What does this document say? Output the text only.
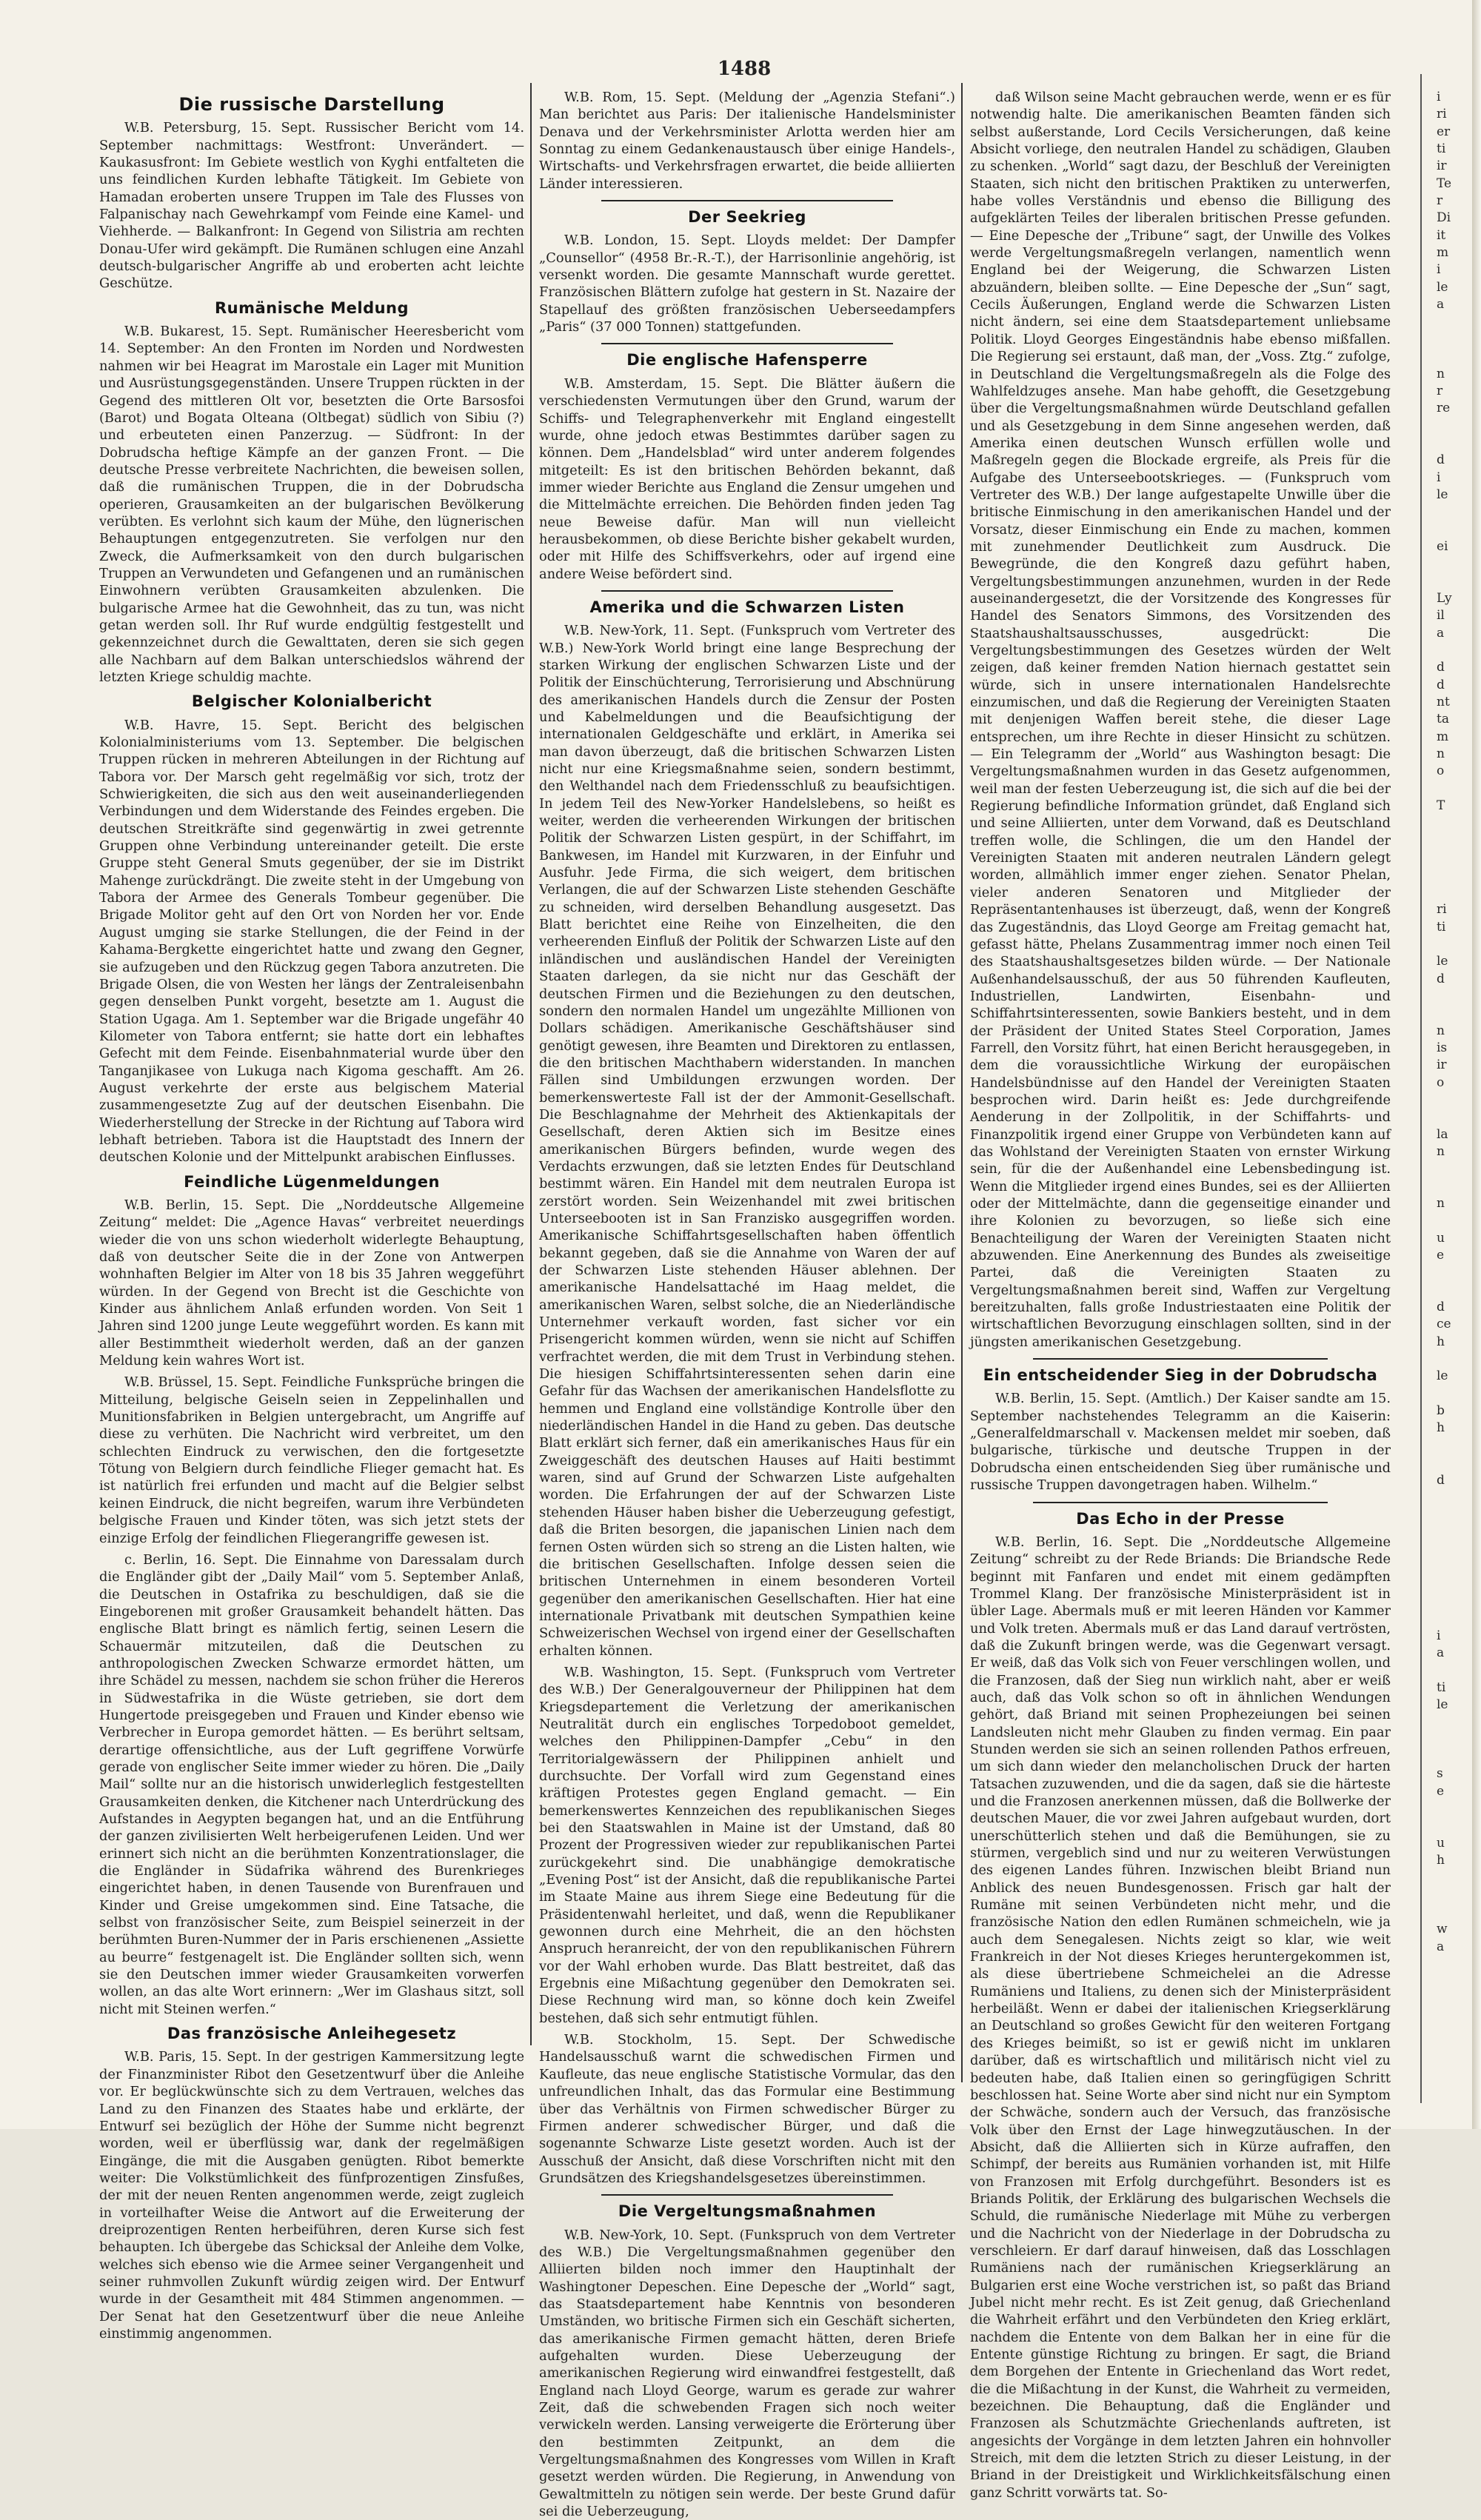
1488
Die russische Darstellung

W.B. Petersburg, 15. Sept. Russischer Bericht vom 14. September nachmittags: Westfront: Unverändert. — Kaukasusfront: Im Gebiete westlich von Kyghi entfalteten die uns feindlichen Kurden lebhafte Tätigkeit. Im Gebiete von Hamadan eroberten unsere Truppen im Tale des Flusses von Falpanischay nach Gewehrkampf vom Feinde eine Kamel- und Viehherde. — Balkanfront: In Gegend von Silistria am rechten Donau-Ufer wird gekämpft. Die Rumänen schlugen eine Anzahl deutsch-bulgarischer Angriffe ab und eroberten acht leichte Geschütze.

Rumänische Meldung

W.B. Bukarest, 15. Sept. Rumänischer Heeresbericht vom 14. September: An den Fronten im Norden und Nordwesten nahmen wir bei Heagrat im Marostale ein Lager mit Munition und Ausrüstungsgegenständen. Unsere Truppen rückten in der Gegend des mittleren Olt vor, besetzten die Orte Barsosfoi (Barot) und Bogata Olteana (Oltbegat) südlich von Sibiu (?) und erbeuteten einen Panzerzug. — Südfront: In der Dobrudscha heftige Kämpfe an der ganzen Front. — Die deutsche Presse verbreitete Nachrichten, die beweisen sollen, daß die rumänischen Truppen, die in der Dobrudscha operieren, Grausamkeiten an der bulgarischen Bevölkerung verübten. Es verlohnt sich kaum der Mühe, den lügnerischen Behauptungen entgegenzutreten. Sie verfolgen nur den Zweck, die Aufmerksamkeit von den durch bulgarischen Truppen an Verwundeten und Gefangenen und an rumänischen Einwohnern verübten Grausamkeiten abzulenken. Die bulgarische Armee hat die Gewohnheit, das zu tun, was nicht getan werden soll. Ihr Ruf wurde endgültig festgestellt und gekennzeichnet durch die Gewalttaten, deren sie sich gegen alle Nachbarn auf dem Balkan unterschiedslos während der letzten Kriege schuldig machte.

Belgischer Kolonialbericht

W.B. Havre, 15. Sept. Bericht des belgischen Kolonialministeriums vom 13. September. Die belgischen Truppen rücken in mehreren Abteilungen in der Richtung auf Tabora vor. Der Marsch geht regelmäßig vor sich, trotz der Schwierigkeiten, die sich aus den weit auseinanderliegenden Verbindungen und dem Widerstande des Feindes ergeben. Die deutschen Streitkräfte sind gegenwärtig in zwei getrennte Gruppen ohne Verbindung untereinander geteilt. Die erste Gruppe steht General Smuts gegenüber, der sie im Distrikt Mahenge zurückdrängt. Die zweite steht in der Umgebung von Tabora der Armee des Generals Tombeur gegenüber. Die Brigade Molitor geht auf den Ort von Norden her vor. Ende August umging sie starke Stellungen, die der Feind in der Kahama-Bergkette eingerichtet hatte und zwang den Gegner, sie aufzugeben und den Rückzug gegen Tabora anzutreten. Die Brigade Olsen, die von Westen her längs der Zentraleisenbahn gegen denselben Punkt vorgeht, besetzte am 1. August die Station Ugaga. Am 1. September war die Brigade ungefähr 40 Kilometer von Tabora entfernt; sie hatte dort ein lebhaftes Gefecht mit dem Feinde. Eisenbahnmaterial wurde über den Tanganjikasee von Lukuga nach Kigoma geschafft. Am 26. August verkehrte der erste aus belgischem Material zusammengesetzte Zug auf der deutschen Eisenbahn. Die Wiederherstellung der Strecke in der Richtung auf Tabora wird lebhaft betrieben. Tabora ist die Hauptstadt des Innern der deutschen Kolonie und der Mittelpunkt arabischen Einflusses.

Feindliche Lügenmeldungen

W.B. Berlin, 15. Sept. Die „Norddeutsche Allgemeine Zeitung“ meldet: Die „Agence Havas“ verbreitet neuerdings wieder die von uns schon wiederholt widerlegte Behauptung, daß von deutscher Seite die in der Zone von Antwerpen wohnhaften Belgier im Alter von 18 bis 35 Jahren weggeführt würden. In der Gegend von Brecht ist die Geschichte von Kinder aus ähnlichem Anlaß erfunden worden. Von Seit 1 Jahren sind 1200 junge Leute weggeführt worden. Es kann mit aller Bestimmtheit wiederholt werden, daß an der ganzen Meldung kein wahres Wort ist.

W.B. Brüssel, 15. Sept. Feindliche Funksprüche bringen die Mitteilung, belgische Geiseln seien in Zeppelinhallen und Munitionsfabriken in Belgien untergebracht, um Angriffe auf diese zu verhüten. Die Nachricht wird verbreitet, um den schlechten Eindruck zu verwischen, den die fortgesetzte Tötung von Belgiern durch feindliche Flieger gemacht hat. Es ist natürlich frei erfunden und macht auf die Belgier selbst keinen Eindruck, die nicht begreifen, warum ihre Verbündeten belgische Frauen und Kinder töten, was sich jetzt stets der einzige Erfolg der feindlichen Fliegerangriffe gewesen ist.

c. Berlin, 16. Sept. Die Einnahme von Daressalam durch die Engländer gibt der „Daily Mail“ vom 5. September Anlaß, die Deutschen in Ostafrika zu beschuldigen, daß sie die Eingeborenen mit großer Grausamkeit behandelt hätten. Das englische Blatt bringt es nämlich fertig, seinen Lesern die Schauermär mitzuteilen, daß die Deutschen zu anthropologischen Zwecken Schwarze ermordet hätten, um ihre Schädel zu messen, nachdem sie schon früher die Hereros in Südwestafrika in die Wüste getrieben, sie dort dem Hungertode preisgegeben und Frauen und Kinder ebenso wie Verbrecher in Europa gemordet hätten. — Es berührt seltsam, derartige offensichtliche, aus der Luft gegriffene Vorwürfe gerade von englischer Seite immer wieder zu hören. Die „Daily Mail“ sollte nur an die historisch unwiderleglich festgestellten Grausamkeiten denken, die Kitchener nach Unterdrückung des Aufstandes in Aegypten begangen hat, und an die Entführung der ganzen zivilisierten Welt herbeigerufenen Leiden. Und wer erinnert sich nicht an die berühmten Konzentrationslager, die die Engländer in Südafrika während des Burenkrieges eingerichtet haben, in denen Tausende von Burenfrauen und Kinder und Greise umgekommen sind. Eine Tatsache, die selbst von französischer Seite, zum Beispiel seinerzeit in der berühmten Buren-Nummer der in Paris erschienenen „Assiette au beurre“ festgenagelt ist. Die Engländer sollten sich, wenn sie den Deutschen immer wieder Grausamkeiten vorwerfen wollen, an das alte Wort erinnern: „Wer im Glashaus sitzt, soll nicht mit Steinen werfen.“

Das französische Anleihegesetz

W.B. Paris, 15. Sept. In der gestrigen Kammersitzung legte der Finanzminister Ribot den Gesetzentwurf über die Anleihe vor. Er beglückwünschte sich zu dem Vertrauen, welches das Land zu den Finanzen des Staates habe und erklärte, der Entwurf sei bezüglich der Höhe der Summe nicht begrenzt worden, weil er überflüssig war, dank der regelmäßigen Eingänge, die mit die Ausgaben genügten. Ribot bemerkte weiter: Die Volkstümlichkeit des fünfprozentigen Zinsfußes, der mit der neuen Renten angenommen werde, zeigt zugleich in vorteilhafter Weise die Antwort auf die Erweiterung der dreiprozentigen Renten herbeiführen, deren Kurse sich fest behaupten. Ich übergebe das Schicksal der Anleihe dem Volke, welches sich ebenso wie die Armee seiner Vergangenheit und seiner ruhmvollen Zukunft würdig zeigen wird. Der Entwurf wurde in der Gesamtheit mit 484 Stimmen angenommen. — Der Senat hat den Gesetzentwurf über die neue Anleihe einstimmig angenommen.

W.B. Rom, 15. Sept. (Meldung der „Agenzia Stefani“.) Man berichtet aus Paris: Der italienische Handelsminister Denava und der Verkehrsminister Arlotta werden hier am Sonntag zu einem Gedankenaustausch über einige Handels-, Wirtschafts- und Verkehrsfragen erwartet, die beide alliierten Länder interessieren.

Der Seekrieg

W.B. London, 15. Sept. Lloyds meldet: Der Dampfer „Counsellor“ (4958 Br.-R.-T.), der Harrisonlinie angehörig, ist versenkt worden. Die gesamte Mannschaft wurde gerettet. Französischen Blättern zufolge hat gestern in St. Nazaire der Stapellauf des größten französischen Ueberseedampfers „Paris“ (37 000 Tonnen) stattgefunden.

Die englische Hafensperre

W.B. Amsterdam, 15. Sept. Die Blätter äußern die verschiedensten Vermutungen über den Grund, warum der Schiffs- und Telegraphenverkehr mit England eingestellt wurde, ohne jedoch etwas Bestimmtes darüber sagen zu können. Dem „Handelsblad“ wird unter anderem folgendes mitgeteilt: Es ist den britischen Behörden bekannt, daß immer wieder Berichte aus England die Zensur umgehen und die Mittelmächte erreichen. Die Behörden finden jeden Tag neue Beweise dafür. Man will nun vielleicht herausbekommen, ob diese Berichte bisher gekabelt wurden, oder mit Hilfe des Schiffsverkehrs, oder auf irgend eine andere Weise befördert sind.

Amerika und die Schwarzen Listen

W.B. New-York, 11. Sept. (Funkspruch vom Vertreter des W.B.) New-York World bringt eine lange Besprechung der starken Wirkung der englischen Schwarzen Liste und der Politik der Einschüchterung, Terrorisierung und Abschnürung des amerikanischen Handels durch die Zensur der Posten und Kabelmeldungen und die Beaufsichtigung der internationalen Geldgeschäfte und erklärt, in Amerika sei man davon überzeugt, daß die britischen Schwarzen Listen nicht nur eine Kriegsmaßnahme seien, sondern bestimmt, den Welthandel nach dem Friedensschluß zu beaufsichtigen. In jedem Teil des New-Yorker Handelslebens, so heißt es weiter, werden die verheerenden Wirkungen der britischen Politik der Schwarzen Listen gespürt, in der Schiffahrt, im Bankwesen, im Handel mit Kurzwaren, in der Einfuhr und Ausfuhr. Jede Firma, die sich weigert, dem britischen Verlangen, die auf der Schwarzen Liste stehenden Geschäfte zu schneiden, wird derselben Behandlung ausgesetzt. Das Blatt berichtet eine Reihe von Einzelheiten, die den verheerenden Einfluß der Politik der Schwarzen Liste auf den inländischen und ausländischen Handel der Vereinigten Staaten darlegen, da sie nicht nur das Geschäft der deutschen Firmen und die Beziehungen zu den deutschen, sondern den normalen Handel um ungezählte Millionen von Dollars schädigen. Amerikanische Geschäftshäuser sind genötigt gewesen, ihre Beamten und Direktoren zu entlassen, die den britischen Machthabern widerstanden. In manchen Fällen sind Umbildungen erzwungen worden. Der bemerkenswerteste Fall ist der der Ammonit-Gesellschaft. Die Beschlagnahme der Mehrheit des Aktienkapitals der Gesellschaft, deren Aktien sich im Besitze eines amerikanischen Bürgers befinden, wurde wegen des Verdachts erzwungen, daß sie letzten Endes für Deutschland bestimmt wären. Ein Handel mit dem neutralen Europa ist zerstört worden. Sein Weizenhandel mit zwei britischen Unterseebooten ist in San Franzisko ausgegriffen worden. Amerikanische Schiffahrtsgesellschaften haben öffentlich bekannt gegeben, daß sie die Annahme von Waren der auf der Schwarzen Liste stehenden Häuser ablehnen. Der amerikanische Handelsattaché im Haag meldet, die amerikanischen Waren, selbst solche, die an Niederländische Unternehmer verkauft worden, fast sicher vor ein Prisengericht kommen würden, wenn sie nicht auf Schiffen verfrachtet werden, die mit dem Trust in Verbindung stehen. Die hiesigen Schiffahrtsinteressenten sehen darin eine Gefahr für das Wachsen der amerikanischen Handelsflotte zu hemmen und England eine vollständige Kontrolle über den niederländischen Handel in die Hand zu geben. Das deutsche Blatt erklärt sich ferner, daß ein amerikanisches Haus für ein Zweiggeschäft des deutschen Hauses auf Haiti bestimmt waren, sind auf Grund der Schwarzen Liste aufgehalten worden. Die Erfahrungen der auf der Schwarzen Liste stehenden Häuser haben bisher die Ueberzeugung gefestigt, daß die Briten besorgen, die japanischen Linien nach dem fernen Osten würden sich so streng an die Listen halten, wie die britischen Gesellschaften. Infolge dessen seien die britischen Unternehmen in einem besonderen Vorteil gegenüber den amerikanischen Gesellschaften. Hier hat eine internationale Privatbank mit deutschen Sympathien keine Schweizerischen Wechsel von irgend einer der Gesellschaften erhalten können.

W.B. Washington, 15. Sept. (Funkspruch vom Vertreter des W.B.) Der Generalgouverneur der Philippinen hat dem Kriegsdepartement die Verletzung der amerikanischen Neutralität durch ein englisches Torpedoboot gemeldet, welches den Philippinen-Dampfer „Cebu“ in den Territorialgewässern der Philippinen anhielt und durchsuchte. Der Vorfall wird zum Gegenstand eines kräftigen Protestes gegen England gemacht. — Ein bemerkenswertes Kennzeichen des republikanischen Sieges bei den Staatswahlen in Maine ist der Umstand, daß 80 Prozent der Progressiven wieder zur republikanischen Partei zurückgekehrt sind. Die unabhängige demokratische „Evening Post“ ist der Ansicht, daß die republikanische Partei im Staate Maine aus ihrem Siege eine Bedeutung für die Präsidentenwahl herleitet, und daß, wenn die Republikaner gewonnen durch eine Mehrheit, die an den höchsten Anspruch heranreicht, der von den republikanischen Führern vor der Wahl erhoben wurde. Das Blatt bestreitet, daß das Ergebnis eine Mißachtung gegenüber den Demokraten sei. Diese Rechnung wird man, so könne doch kein Zweifel bestehen, daß sich sehr entmutigt fühlen.

W.B. Stockholm, 15. Sept. Der Schwedische Handelsausschuß warnt die schwedischen Firmen und Kaufleute, das neue englische Statistische Vormular, das den unfreundlichen Inhalt, das das Formular eine Bestimmung über das Verhältnis von Firmen schwedischer Bürger zu Firmen anderer schwedischer Bürger, und daß die sogenannte Schwarze Liste gesetzt worden. Auch ist der Ausschuß der Ansicht, daß diese Vorschriften nicht mit den Grundsätzen des Kriegshandelsgesetzes übereinstimmen.

Die Vergeltungsmaßnahmen

W.B. New-York, 10. Sept. (Funkspruch von dem Vertreter des W.B.) Die Vergeltungsmaßnahmen gegenüber den Alliierten bilden noch immer den Hauptinhalt der Washingtoner Depeschen. Eine Depesche der „World“ sagt, das Staatsdepartement habe Kenntnis von besonderen Umständen, wo britische Firmen sich ein Geschäft sicherten, das amerikanische Firmen gemacht hätten, deren Briefe aufgehalten wurden. Diese Ueberzeugung der amerikanischen Regierung wird einwandfrei festgestellt, daß England nach Lloyd George, warum es gerade zur wahrer Zeit, daß die schwebenden Fragen sich noch weiter verwickeln werden. Lansing verweigerte die Erörterung über den bestimmten Zeitpunkt, an dem die Vergeltungsmaßnahmen des Kongresses vom Willen in Kraft gesetzt werden würden. Die Regierung, in Anwendung von Gewaltmitteln zu nötigen sein werde. Der beste Grund dafür sei die Ueberzeugung,

daß Wilson seine Macht gebrauchen werde, wenn er es für notwendig halte. Die amerikanischen Beamten fänden sich selbst außerstande, Lord Cecils Versicherungen, daß keine Absicht vorliege, den neutralen Handel zu schädigen, Glauben zu schenken. „World“ sagt dazu, der Beschluß der Vereinigten Staaten, sich nicht den britischen Praktiken zu unterwerfen, habe volles Verständnis und ebenso die Billigung des aufgeklärten Teiles der liberalen britischen Presse gefunden. — Eine Depesche der „Tribune“ sagt, der Unwille des Volkes werde Vergeltungsmaßregeln verlangen, namentlich wenn England bei der Weigerung, die Schwarzen Listen abzuändern, bleiben sollte. — Eine Depesche der „Sun“ sagt, Cecils Äußerungen, England werde die Schwarzen Listen nicht ändern, sei eine dem Staatsdepartement unliebsame Politik. Lloyd Georges Eingeständnis habe ebenso mißfallen. Die Regierung sei erstaunt, daß man, der „Voss. Ztg.“ zufolge, in Deutschland die Vergeltungsmaßregeln als die Folge des Wahlfeldzuges ansehe. Man habe gehofft, die Gesetzgebung über die Vergeltungsmaßnahmen würde Deutschland gefallen und als Gesetzgebung in dem Sinne angesehen werden, daß Amerika einen deutschen Wunsch erfüllen wolle und Maßregeln gegen die Blockade ergreife, als Preis für die Aufgabe des Unterseebootskrieges. — (Funkspruch vom Vertreter des W.B.) Der lange aufgestapelte Unwille über die britische Einmischung in den amerikanischen Handel und der Vorsatz, dieser Einmischung ein Ende zu machen, kommen mit zunehmender Deutlichkeit zum Ausdruck. Die Bewegründe, die den Kongreß dazu geführt haben, Vergeltungsbestimmungen anzunehmen, wurden in der Rede auseinandergesetzt, die der Vorsitzende des Kongresses für Handel des Senators Simmons, des Vorsitzenden des Staatshaushaltsausschusses, ausgedrückt: Die Vergeltungsbestimmungen des Gesetzes würden der Welt zeigen, daß keiner fremden Nation hiernach gestattet sein würde, sich in unsere internationalen Handelsrechte einzumischen, und daß die Regierung der Vereinigten Staaten mit denjenigen Waffen bereit stehe, die dieser Lage entsprechen, um ihre Rechte in dieser Hinsicht zu schützen. — Ein Telegramm der „World“ aus Washington besagt: Die Vergeltungsmaßnahmen wurden in das Gesetz aufgenommen, weil man der festen Ueberzeugung ist, die sich auf die bei der Regierung befindliche Information gründet, daß England sich und seine Alliierten, unter dem Vorwand, daß es Deutschland treffen wolle, die Schlingen, die um den Handel der Vereinigten Staaten mit anderen neutralen Ländern gelegt worden, allmählich immer enger ziehen. Senator Phelan, vieler anderen Senatoren und Mitglieder der Repräsentantenhauses ist überzeugt, daß, wenn der Kongreß das Zugeständnis, das Lloyd George am Freitag gemacht hat, gefasst hätte, Phelans Zusammentrag immer noch einen Teil des Staatshaushaltsgesetzes bilden würde. — Der Nationale Außenhandelsausschuß, der aus 50 führenden Kaufleuten, Industriellen, Landwirten, Eisenbahn- und Schiffahrtsinteressenten, sowie Bankiers besteht, und in dem der Präsident der United States Steel Corporation, James Farrell, den Vorsitz führt, hat einen Bericht herausgegeben, in dem die voraussichtliche Wirkung der europäischen Handelsbündnisse auf den Handel der Vereinigten Staaten besprochen wird. Darin heißt es: Jede durchgreifende Aenderung in der Zollpolitik, in der Schiffahrts- und Finanzpolitik irgend einer Gruppe von Verbündeten kann auf das Wohlstand der Vereinigten Staaten von ernster Wirkung sein, für die der Außenhandel eine Lebensbedingung ist. Wenn die Mitglieder irgend eines Bundes, sei es der Alliierten oder der Mittelmächte, dann die gegenseitige einander und ihre Kolonien zu bevorzugen, so ließe sich eine Benachteiligung der Waren der Vereinigten Staaten nicht abzuwenden. Eine Anerkennung des Bundes als zweiseitige Partei, daß die Vereinigten Staaten zu Vergeltungsmaßnahmen bereit sind, Waffen zur Vergeltung bereitzuhalten, falls große Industriestaaten eine Politik der wirtschaftlichen Bevorzugung einschlagen sollten, sind in der jüngsten amerikanischen Gesetzgebung.

Ein entscheidender Sieg in der Dobrudscha

W.B. Berlin, 15. Sept. (Amtlich.) Der Kaiser sandte am 15. September nachstehendes Telegramm an die Kaiserin: „Generalfeldmarschall v. Mackensen meldet mir soeben, daß bulgarische, türkische und deutsche Truppen in der Dobrudscha einen entscheidenden Sieg über rumänische und russische Truppen davongetragen haben. Wilhelm.“

Das Echo in der Presse

W.B. Berlin, 16. Sept. Die „Norddeutsche Allgemeine Zeitung“ schreibt zu der Rede Briands: Die Briandsche Rede beginnt mit Fanfaren und endet mit einem gedämpften Trommel Klang. Der französische Ministerpräsident ist in übler Lage. Abermals muß er mit leeren Händen vor Kammer und Volk treten. Abermals muß er das Land darauf vertrösten, daß die Zukunft bringen werde, was die Gegenwart versagt. Er weiß, daß das Volk sich von Feuer verschlingen wollen, und die Franzosen, daß der Sieg nun wirklich naht, aber er weiß auch, daß das Volk schon so oft in ähnlichen Wendungen gehört, daß Briand mit seinen Prophezeiungen bei seinen Landsleuten nicht mehr Glauben zu finden vermag. Ein paar Stunden werden sie sich an seinen rollenden Pathos erfreuen, um sich dann wieder den melancholischen Druck der harten Tatsachen zuzuwenden, und die da sagen, daß sie die härteste und die Franzosen anerkennen müssen, daß die Bollwerke der deutschen Mauer, die vor zwei Jahren aufgebaut wurden, dort unerschütterlich stehen und daß die Bemühungen, sie zu stürmen, vergeblich sind und nur zu weiteren Verwüstungen des eigenen Landes führen. Inzwischen bleibt Briand nun Anblick des neuen Bundesgenossen. Frisch gar halt der Rumäne mit seinen Verbündeten nicht mehr, und die französische Nation den edlen Rumänen schmeicheln, wie ja auch dem Senegalesen. Nichts zeigt so klar, wie weit Frankreich in der Not dieses Krieges heruntergekommen ist, als diese übertriebene Schmeichelei an die Adresse Rumäniens und Italiens, zu denen sich der Ministerpräsident herbeiläßt. Wenn er dabei der italienischen Kriegserklärung an Deutschland so großes Gewicht für den weiteren Fortgang des Krieges beimißt, so ist er gewiß nicht im unklaren darüber, daß es wirtschaftlich und militärisch nicht viel zu bedeuten habe, daß Italien einen so geringfügigen Schritt beschlossen hat. Seine Worte aber sind nicht nur ein Symptom der Schwäche, sondern auch der Versuch, das französische Volk über den Ernst der Lage hinwegzutäuschen. In der Absicht, daß die Alliierten sich in Kürze aufraffen, den Schimpf, der bereits aus Rumänien vorhanden ist, mit Hilfe von Franzosen mit Erfolg durchgeführt. Besonders ist es Briands Politik, der Erklärung des bulgarischen Wechsels die Schuld, die rumänische Niederlage mit Mühe zu verbergen und die Nachricht von der Niederlage in der Dobrudscha zu verschleiern. Er darf darauf hinweisen, daß das Losschlagen Rumäniens nach der rumänischen Kriegserklärung an Bulgarien erst eine Woche verstrichen ist, so paßt das Briand Jubel nicht mehr recht. Es ist Zeit genug, daß Griechenland die Wahrheit erfährt und den Verbündeten den Krieg erklärt, nachdem die Entente von dem Balkan her in eine für die Entente günstige Richtung zu bringen. Er sagt, die Briand dem Borgehen der Entente in Griechenland das Wort redet, die die Mißachtung in der Kunst, die Wahrheit zu vermeiden, bezeichnen. Die Behauptung, daß die Engländer und Franzosen als Schutzmächte Griechenlands auftreten, ist angesichts der Vorgänge in dem letzten Jahren ein hohnvoller Streich, mit dem die letzten Strich zu dieser Leistung, in der Briand in der Dreistigkeit und Wirklichkeitsfälschung einen ganz Schritt vorwärts tat. So-

i
ri
er
ti
ir
Te
r
Di
it
m
i
le
a
n
r
re
d
i
le
ei
Ly
il
a
d
d
nt
ta
m
n
o
T
ri
ti
le
d
n
is
ir
o
la
n
n
u
e
d
ce
h
le
b
h
d
i
a
ti
le
s
e
u
h
w
a
